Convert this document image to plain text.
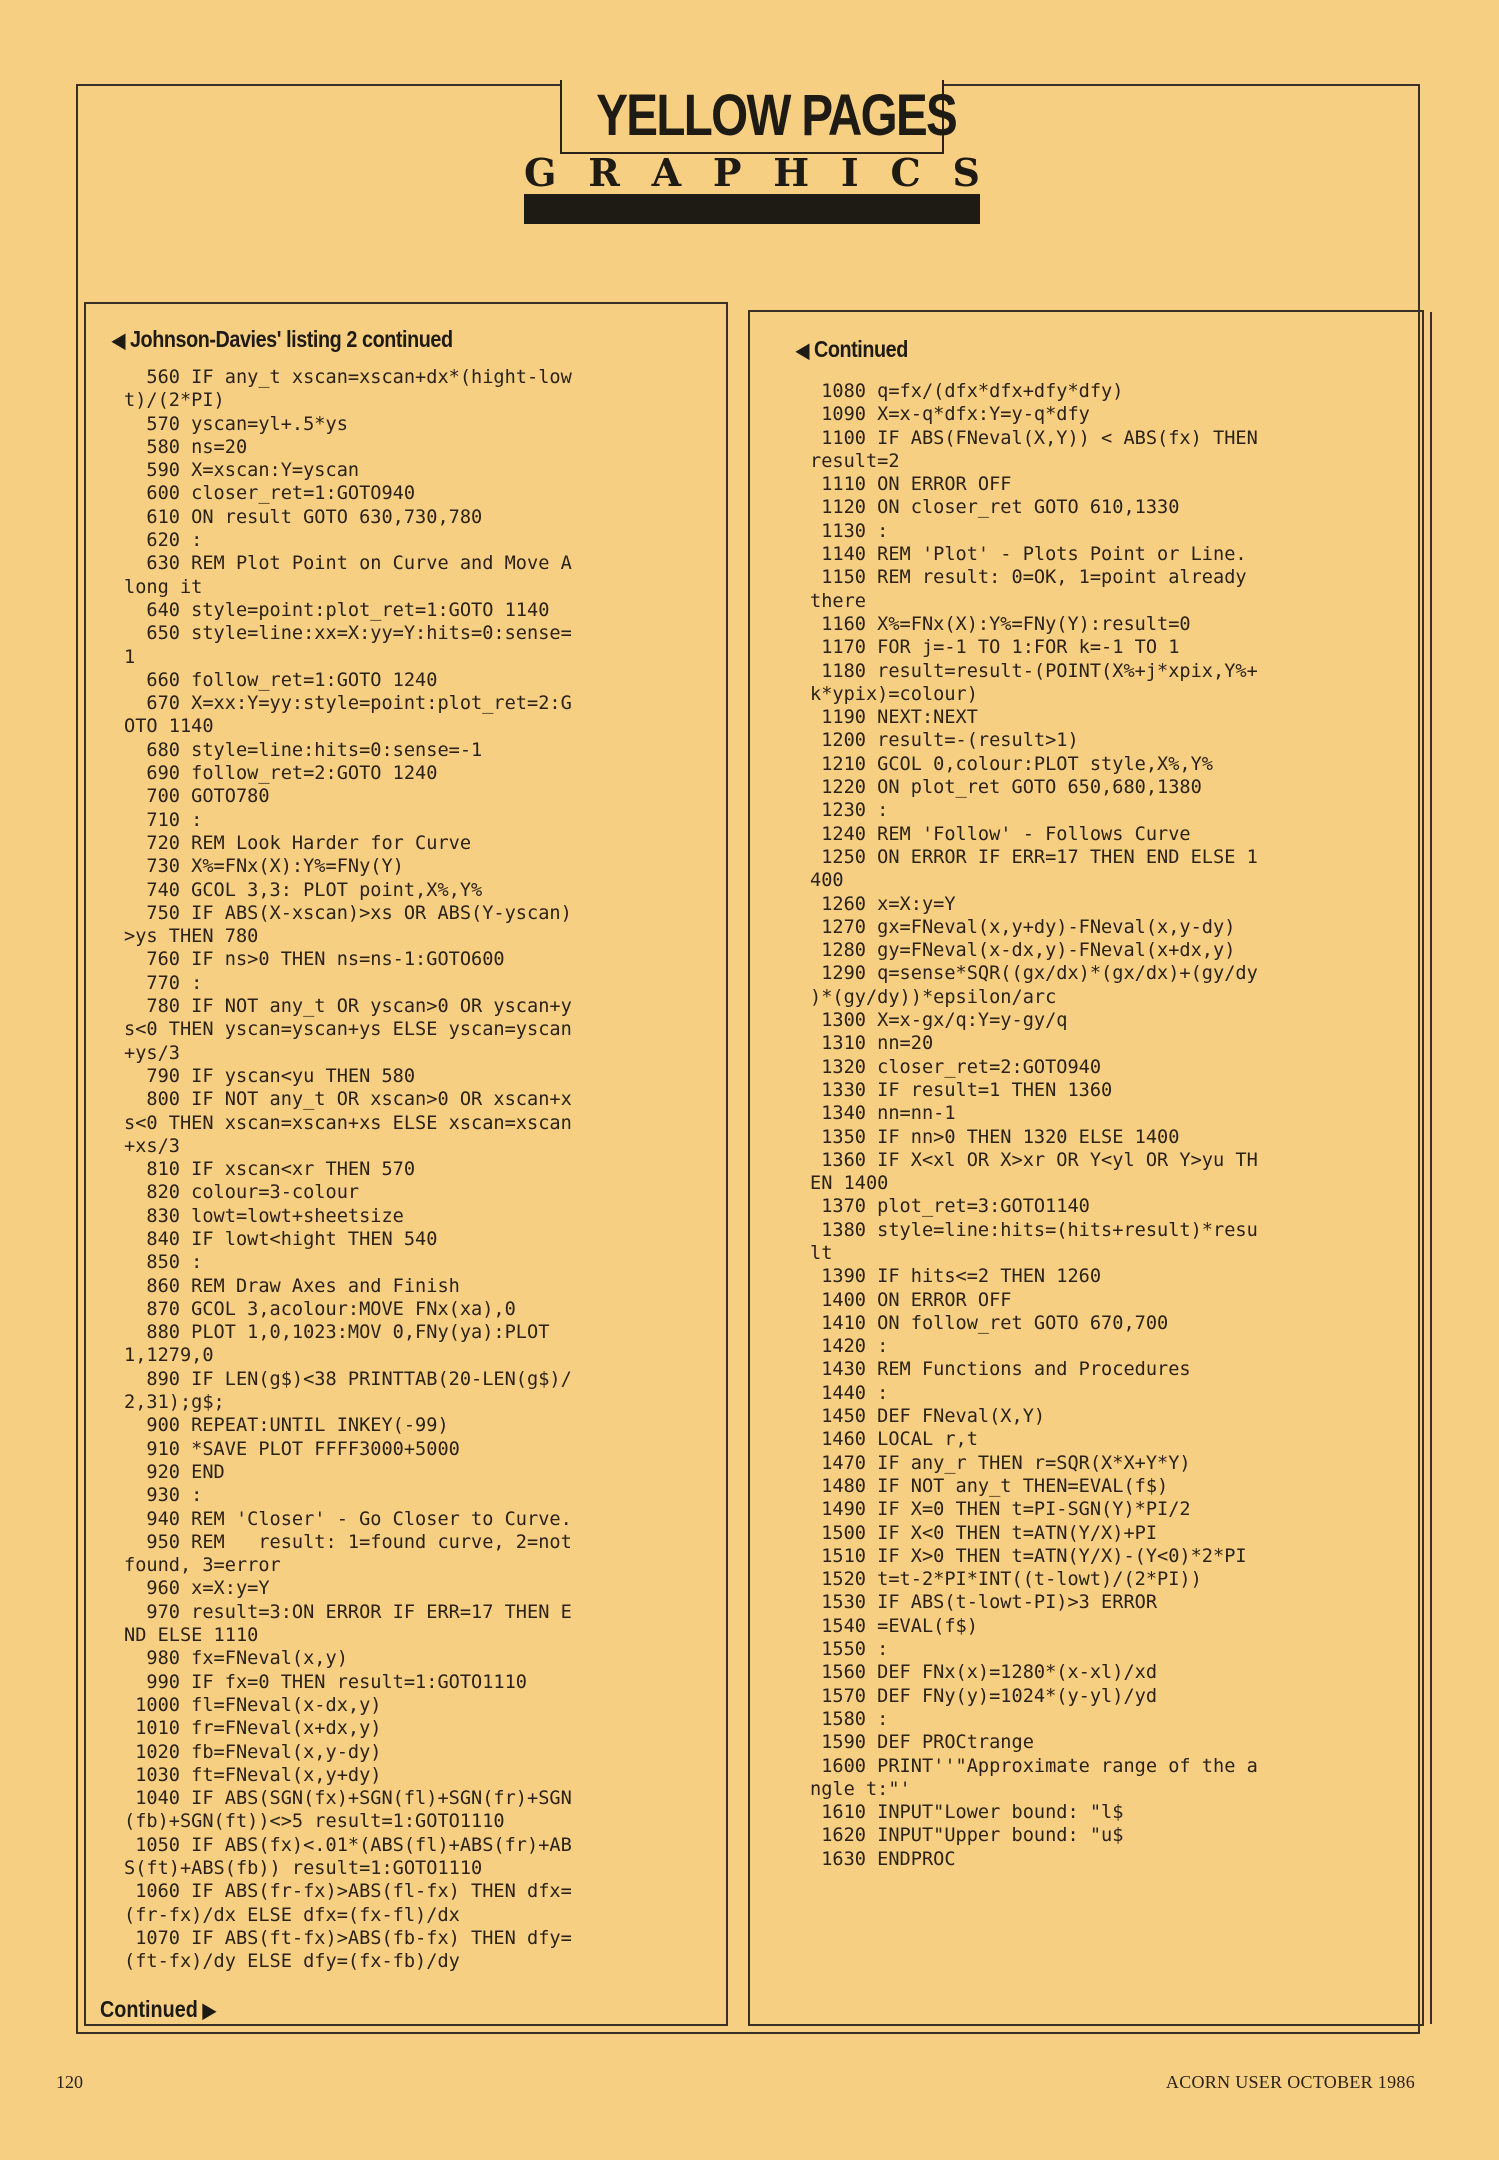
YELLOW PAGES
G R A P H I C S
◀ Johnson-Davies' listing 2 continued
560 IF any_t xscan=xscan+dx*(hight-low
t)/(2*PI)
570 yscan=yl+.5*ys
580 ns=20
590 X=xscan:Y=yscan
600 closer_ret=1:GOTO940
610 ON result GOTO 630,730,780
620 :
630 REM Plot Point on Curve and Move A
long it
640 style=point:plot_ret=1:GOTO 1140
650 style=line:xx=X:yy=Y:hits=0:sense=
1
660 follow_ret=1:GOTO 1240
670 X=xx:Y=yy:style=point:plot_ret=2:G
OTO 1140
680 style=line:hits=0:sense=-1
690 follow_ret=2:GOTO 1240
700 GOTO780
710 :
720 REM Look Harder for Curve
730 X%=FNx(X):Y%=FNy(Y)
740 GCOL 3,3: PLOT point,X%,Y%
750 IF ABS(X-xscan)>xs OR ABS(Y-yscan)
>ys THEN 780
760 IF ns>0 THEN ns=ns-1:GOTO600
770 :
780 IF NOT any_t OR yscan>0 OR yscan+y
s<0 THEN yscan=yscan+ys ELSE yscan=yscan
+ys/3
790 IF yscan<yu THEN 580
800 IF NOT any_t OR xscan>0 OR xscan+x
s<0 THEN xscan=xscan+xs ELSE xscan=xscan
+xs/3
810 IF xscan<xr THEN 570
820 colour=3-colour
830 lowt=lowt+sheetsize
840 IF lowt<hight THEN 540
850 :
860 REM Draw Axes and Finish
870 GCOL 3,acolour:MOVE FNx(xa),0
880 PLOT 1,0,1023:MOV 0,FNy(ya):PLOT
1,1279,0
890 IF LEN(g$)<38 PRINTTAB(20-LEN(g$)/
2,31);g$;
900 REPEAT:UNTIL INKEY(-99)
910 *SAVE PLOT FFFF3000+5000
920 END
930 :
940 REM 'Closer' - Go Closer to Curve.
950 REM   result: 1=found curve, 2=not
found, 3=error
960 x=X:y=Y
970 result=3:ON ERROR IF ERR=17 THEN E
ND ELSE 1110
980 fx=FNeval(x,y)
990 IF fx=0 THEN result=1:GOTO1110
1000 fl=FNeval(x-dx,y)
1010 fr=FNeval(x+dx,y)
1020 fb=FNeval(x,y-dy)
1030 ft=FNeval(x,y+dy)
1040 IF ABS(SGN(fx)+SGN(fl)+SGN(fr)+SGN
(fb)+SGN(ft))<>5 result=1:GOTO1110
1050 IF ABS(fx)<.01*(ABS(fl)+ABS(fr)+AB
S(ft)+ABS(fb)) result=1:GOTO1110
1060 IF ABS(fr-fx)>ABS(fl-fx) THEN dfx=
(fr-fx)/dx ELSE dfx=(fx-fl)/dx
1070 IF ABS(ft-fx)>ABS(fb-fx) THEN dfy=
(ft-fx)/dy ELSE dfy=(fx-fb)/dy
Continued ▶
◀ Continued
1080 q=fx/(dfx*dfx+dfy*dfy)
1090 X=x-q*dfx:Y=y-q*dfy
1100 IF ABS(FNeval(X,Y)) < ABS(fx) THEN
result=2
1110 ON ERROR OFF
1120 ON closer_ret GOTO 610,1330
1130 :
1140 REM 'Plot' - Plots Point or Line.
1150 REM result: 0=OK, 1=point already
there
1160 X%=FNx(X):Y%=FNy(Y):result=0
1170 FOR j=-1 TO 1:FOR k=-1 TO 1
1180 result=result-(POINT(X%+j*xpix,Y%+
k*ypix)=colour)
1190 NEXT:NEXT
1200 result=-(result>1)
1210 GCOL 0,colour:PLOT style,X%,Y%
1220 ON plot_ret GOTO 650,680,1380
1230 :
1240 REM 'Follow' - Follows Curve
1250 ON ERROR IF ERR=17 THEN END ELSE 1
400
1260 x=X:y=Y
1270 gx=FNeval(x,y+dy)-FNeval(x,y-dy)
1280 gy=FNeval(x-dx,y)-FNeval(x+dx,y)
1290 q=sense*SQR((gx/dx)*(gx/dx)+(gy/dy
)*(gy/dy))*epsilon/arc
1300 X=x-gx/q:Y=y-gy/q
1310 nn=20
1320 closer_ret=2:GOTO940
1330 IF result=1 THEN 1360
1340 nn=nn-1
1350 IF nn>0 THEN 1320 ELSE 1400
1360 IF X<xl OR X>xr OR Y<yl OR Y>yu TH
EN 1400
1370 plot_ret=3:GOTO1140
1380 style=line:hits=(hits+result)*resu
lt
1390 IF hits<=2 THEN 1260
1400 ON ERROR OFF
1410 ON follow_ret GOTO 670,700
1420 :
1430 REM Functions and Procedures
1440 :
1450 DEF FNeval(X,Y)
1460 LOCAL r,t
1470 IF any_r THEN r=SQR(X*X+Y*Y)
1480 IF NOT any_t THEN=EVAL(f$)
1490 IF X=0 THEN t=PI-SGN(Y)*PI/2
1500 IF X<0 THEN t=ATN(Y/X)+PI
1510 IF X>0 THEN t=ATN(Y/X)-(Y<0)*2*PI
1520 t=t-2*PI*INT((t-lowt)/(2*PI))
1530 IF ABS(t-lowt-PI)>3 ERROR
1540 =EVAL(f$)
1550 :
1560 DEF FNx(x)=1280*(x-xl)/xd
1570 DEF FNy(y)=1024*(y-yl)/yd
1580 :
1590 DEF PROCtrange
1600 PRINT''"Approximate range of the a
ngle t:"'
1610 INPUT"Lower bound: "l$
1620 INPUT"Upper bound: "u$
1630 ENDPROC
120	ACORN USER OCTOBER 1986
